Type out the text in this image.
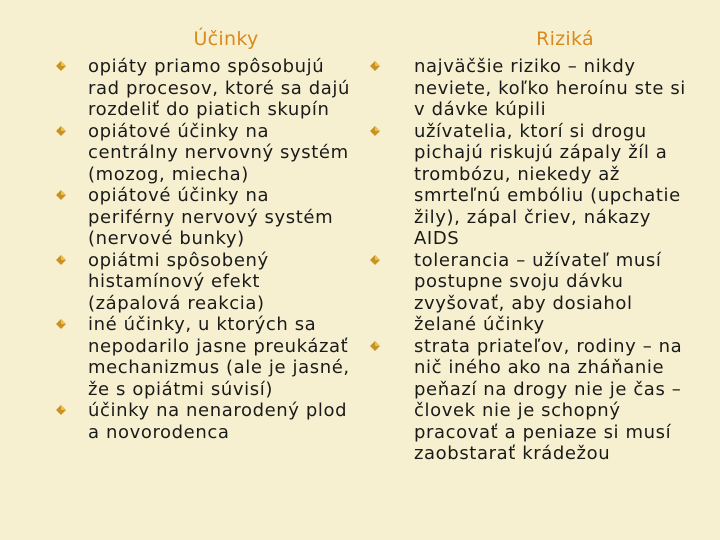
Účinky
opiáty priamo spôsobujú rad procesov, ktoré sa dajú rozdeliť do piatich skupín
opiátové účinky na centrálny nervovný systém (mozog, miecha)
opiátové účinky na periférny nervový systém (nervové bunky)
opiátmi spôsobený histamínový efekt (zápalová reakcia)
iné účinky, u ktorých sa nepodarilo jasne preukázať mechanizmus (ale je jasné, že s opiátmi súvisí)
účinky na nenarodený plod a novorodenca
Riziká
najväčšie riziko – nikdy neviete, koľko heroínu ste si v dávke kúpili
užívatelia, ktorí si drogu pichajú riskujú zápaly žíl a trombózu, niekedy až smrteľnú embóliu (upchatie žily), zápal čriev, nákazy AIDS
tolerancia – užívateľ musí postupne svoju dávku zvyšovať, aby dosiahol želané účinky
strata priateľov, rodiny – na nič iného ako na zháňanie peňazí na drogy nie je čas – človek nie je schopný pracovať a peniaze si musí zaobstarať krádežou
